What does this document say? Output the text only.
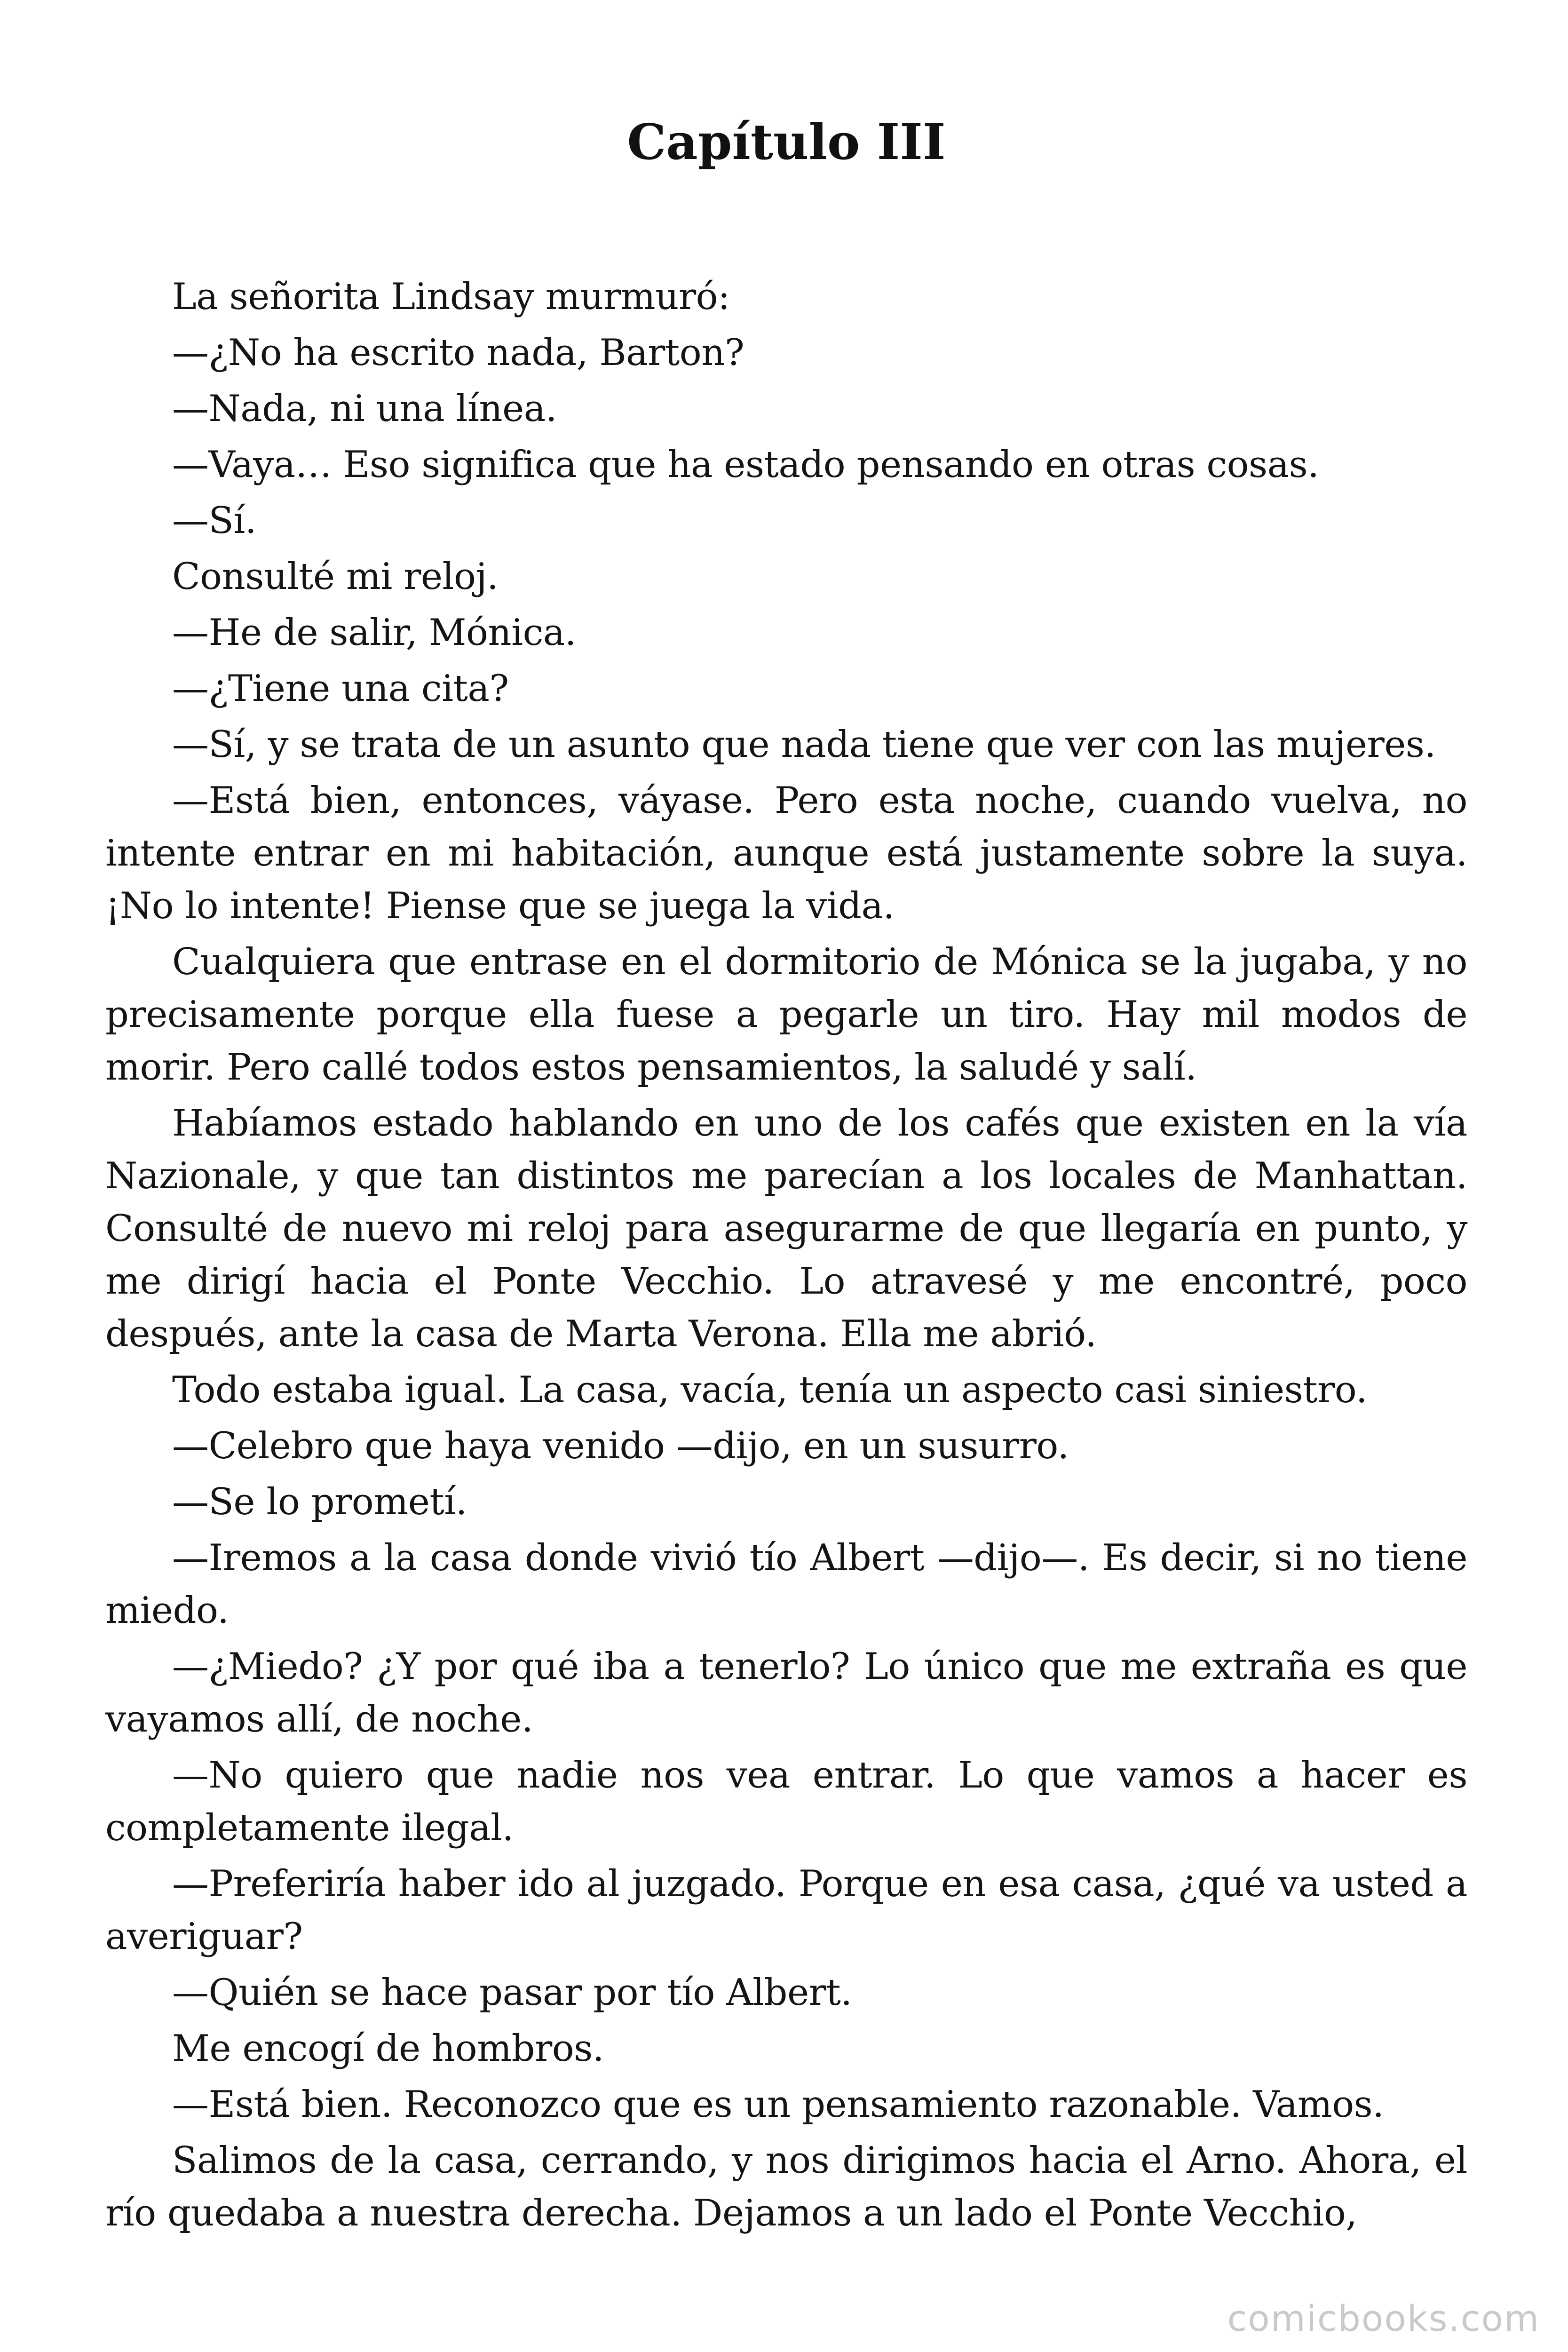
Capítulo III

La señorita Lindsay murmuró:

—¿No ha escrito nada, Barton?

—Nada, ni una línea.

—Vaya… Eso significa que ha estado pensando en otras cosas.

—Sí.

Consulté mi reloj.

—He de salir, Mónica.

—¿Tiene una cita?

—Sí, y se trata de un asunto que nada tiene que ver con las mujeres.

—Está bien, entonces, váyase. Pero esta noche, cuando vuelva, no intente entrar en mi habitación, aunque está justamente sobre la suya. ¡No lo intente! Piense que se juega la vida.

Cualquiera que entrase en el dormitorio de Mónica se la jugaba, y no precisamente porque ella fuese a pegarle un tiro. Hay mil modos de morir. Pero callé todos estos pensamientos, la saludé y salí.

Habíamos estado hablando en uno de los cafés que existen en la vía Nazionale, y que tan distintos me parecían a los locales de Manhattan. Consulté de nuevo mi reloj para asegurarme de que llegaría en punto, y me dirigí hacia el Ponte Vecchio. Lo atravesé y me encontré, poco después, ante la casa de Marta Verona. Ella me abrió.

Todo estaba igual. La casa, vacía, tenía un aspecto casi siniestro.

—Celebro que haya venido —dijo, en un susurro.

—Se lo prometí.

—Iremos a la casa donde vivió tío Albert —dijo—. Es decir, si no tiene miedo.

—¿Miedo? ¿Y por qué iba a tenerlo? Lo único que me extraña es que vayamos allí, de noche.

—No quiero que nadie nos vea entrar. Lo que vamos a hacer es completamente ilegal.

—Preferiría haber ido al juzgado. Porque en esa casa, ¿qué va usted a averiguar?

—Quién se hace pasar por tío Albert.

Me encogí de hombros.

—Está bien. Reconozco que es un pensamiento razonable. Vamos.

Salimos de la casa, cerrando, y nos dirigimos hacia el Arno. Ahora, el río quedaba a nuestra derecha. Dejamos a un lado el Ponte Vecchio,

comicbooks.com
